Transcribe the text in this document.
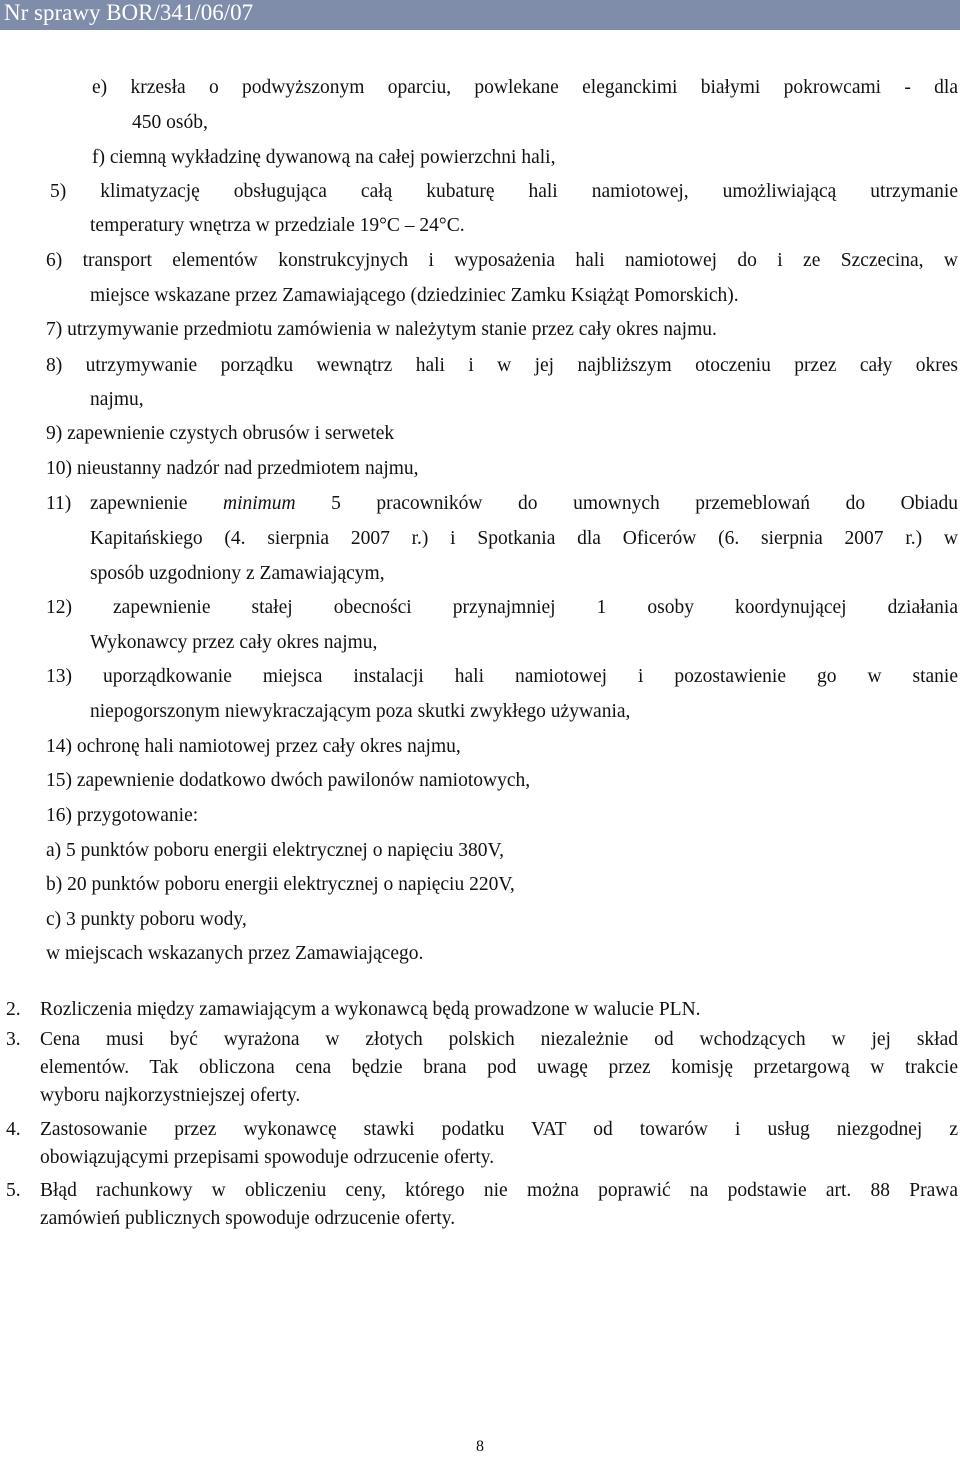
Nr sprawy BOR/341/06/07
e) krzesła o podwyższonym oparciu, powlekane eleganckimi białymi pokrowcami - dla
450 osób,
f) ciemną wykładzinę dywanową na całej powierzchni hali,
5) klimatyzację obsługująca całą kubaturę hali namiotowej, umożliwiającą utrzymanie
temperatury wnętrza w przedziale 19°C – 24°C.
6) transport elementów konstrukcyjnych i wyposażenia hali namiotowej do i ze Szczecina, w
miejsce wskazane przez Zamawiającego (dziedziniec Zamku Książąt Pomorskich).
7) utrzymywanie przedmiotu zamówienia w należytym stanie przez cały okres najmu.
8) utrzymywanie porządku wewnątrz hali i w jej najbliższym otoczeniu przez cały okres
najmu,
9) zapewnienie czystych obrusów i serwetek
10) nieustanny nadzór nad przedmiotem najmu,
11) zapewnienie minimum 5 pracowników do umownych przemeblowań do Obiadu
Kapitańskiego (4. sierpnia 2007 r.) i Spotkania dla Oficerów (6. sierpnia 2007 r.) w
sposób uzgodniony z Zamawiającym,
12) zapewnienie stałej obecności przynajmniej 1 osoby koordynującej działania
Wykonawcy przez cały okres najmu,
13) uporządkowanie miejsca instalacji hali namiotowej i pozostawienie go w stanie
niepogorszonym niewykraczającym poza skutki zwykłego używania,
14) ochronę hali namiotowej przez cały okres najmu,
15) zapewnienie dodatkowo dwóch pawilonów namiotowych,
16) przygotowanie:
a) 5 punktów poboru energii elektrycznej o napięciu 380V,
b) 20 punktów poboru energii elektrycznej o napięciu 220V,
c) 3 punkty poboru wody,
w miejscach wskazanych przez Zamawiającego.
2. Rozliczenia między zamawiającym a wykonawcą będą prowadzone w walucie PLN.
3. Cena musi być wyrażona w złotych polskich niezależnie od wchodzących w jej skład
elementów. Tak obliczona cena będzie brana pod uwagę przez komisję przetargową w trakcie
wyboru najkorzystniejszej oferty.
4. Zastosowanie przez wykonawcę stawki podatku VAT od towarów i usług niezgodnej z
obowiązującymi przepisami spowoduje odrzucenie oferty.
5. Błąd rachunkowy w obliczeniu ceny, którego nie można poprawić na podstawie art. 88 Prawa
zamówień publicznych spowoduje odrzucenie oferty.
8
